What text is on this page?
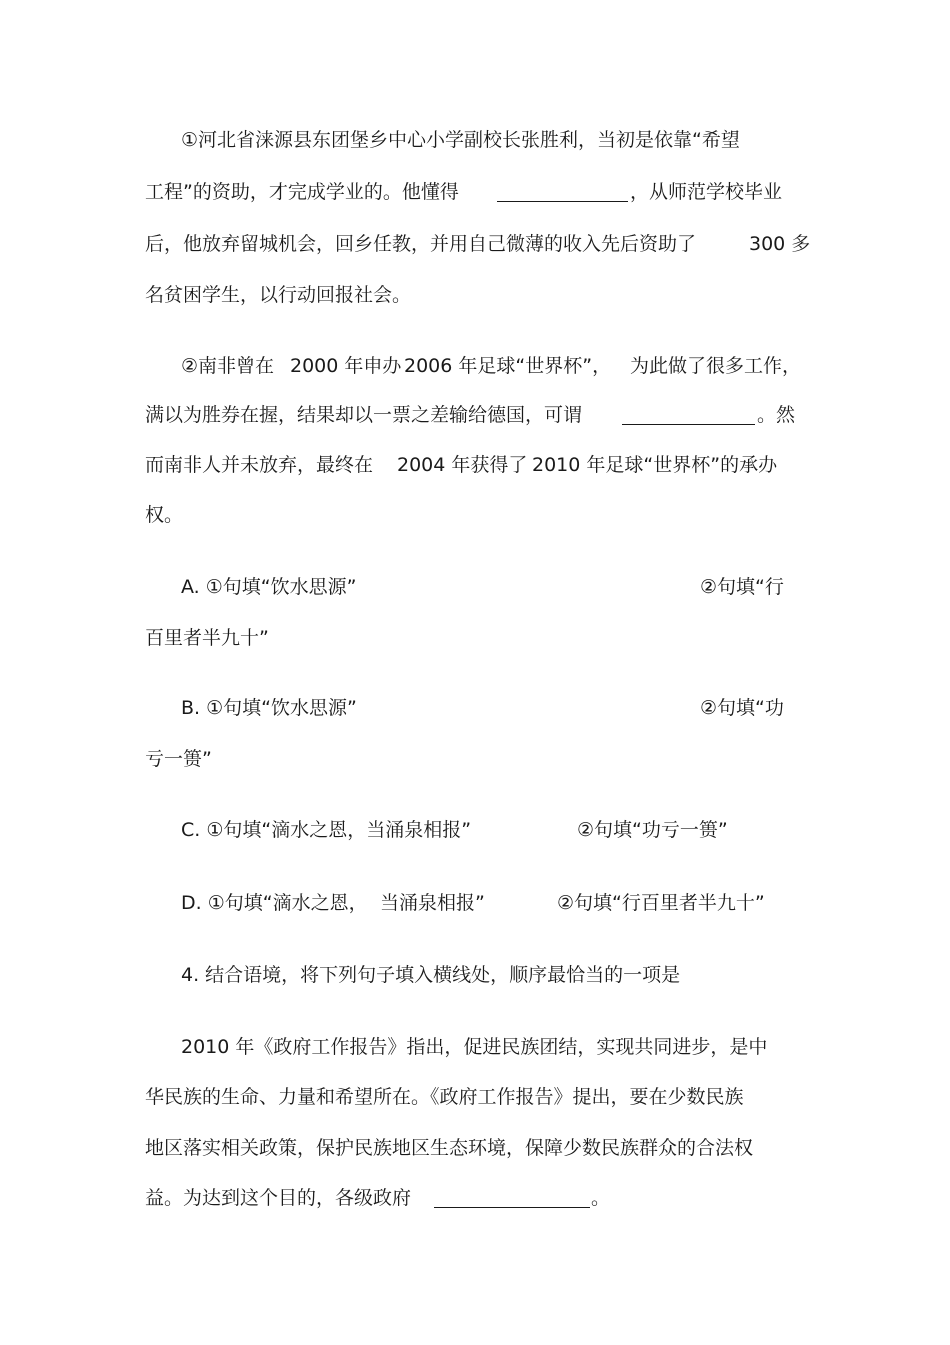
①河北省涞源县东团堡乡中心小学副校长张胜利，当初是依靠“希望
工程”的资助，才完成学业的。他懂得	，从师范学校毕业
后，他放弃留城机会，回乡任教，并用自己微薄的收入先后资助了	300 多
名贫困学生，以行动回报社会。
②南非曾在 2000 年申办 2006 年足球“世界杯”， 为此做了很多工作，
满以为胜券在握，结果却以一票之差输给德国，可谓	。然
而南非人并未放弃，最终在 2004 年获得了 2010 年足球“世界杯”的承办
权。
A. ①句填“饮水思源”	②句填“行
百里者半九十”
B. ①句填“饮水思源”	②句填“功
亏一篑”
C. ①句填“滴水之恩，当涌泉相报”	②句填“功亏一篑”
D. ①句填“滴水之恩， 当涌泉相报”	②句填“行百里者半九十”
4. 结合语境，将下列句子填入横线处，顺序最恰当的一项是
2010 年《政府工作报告》指出，促进民族团结，实现共同进步，是中
华民族的生命、力量和希望所在。《政府工作报告》提出，要在少数民族
地区落实相关政策，保护民族地区生态环境，保障少数民族群众的合法权
益。为达到这个目的，各级政府	。
